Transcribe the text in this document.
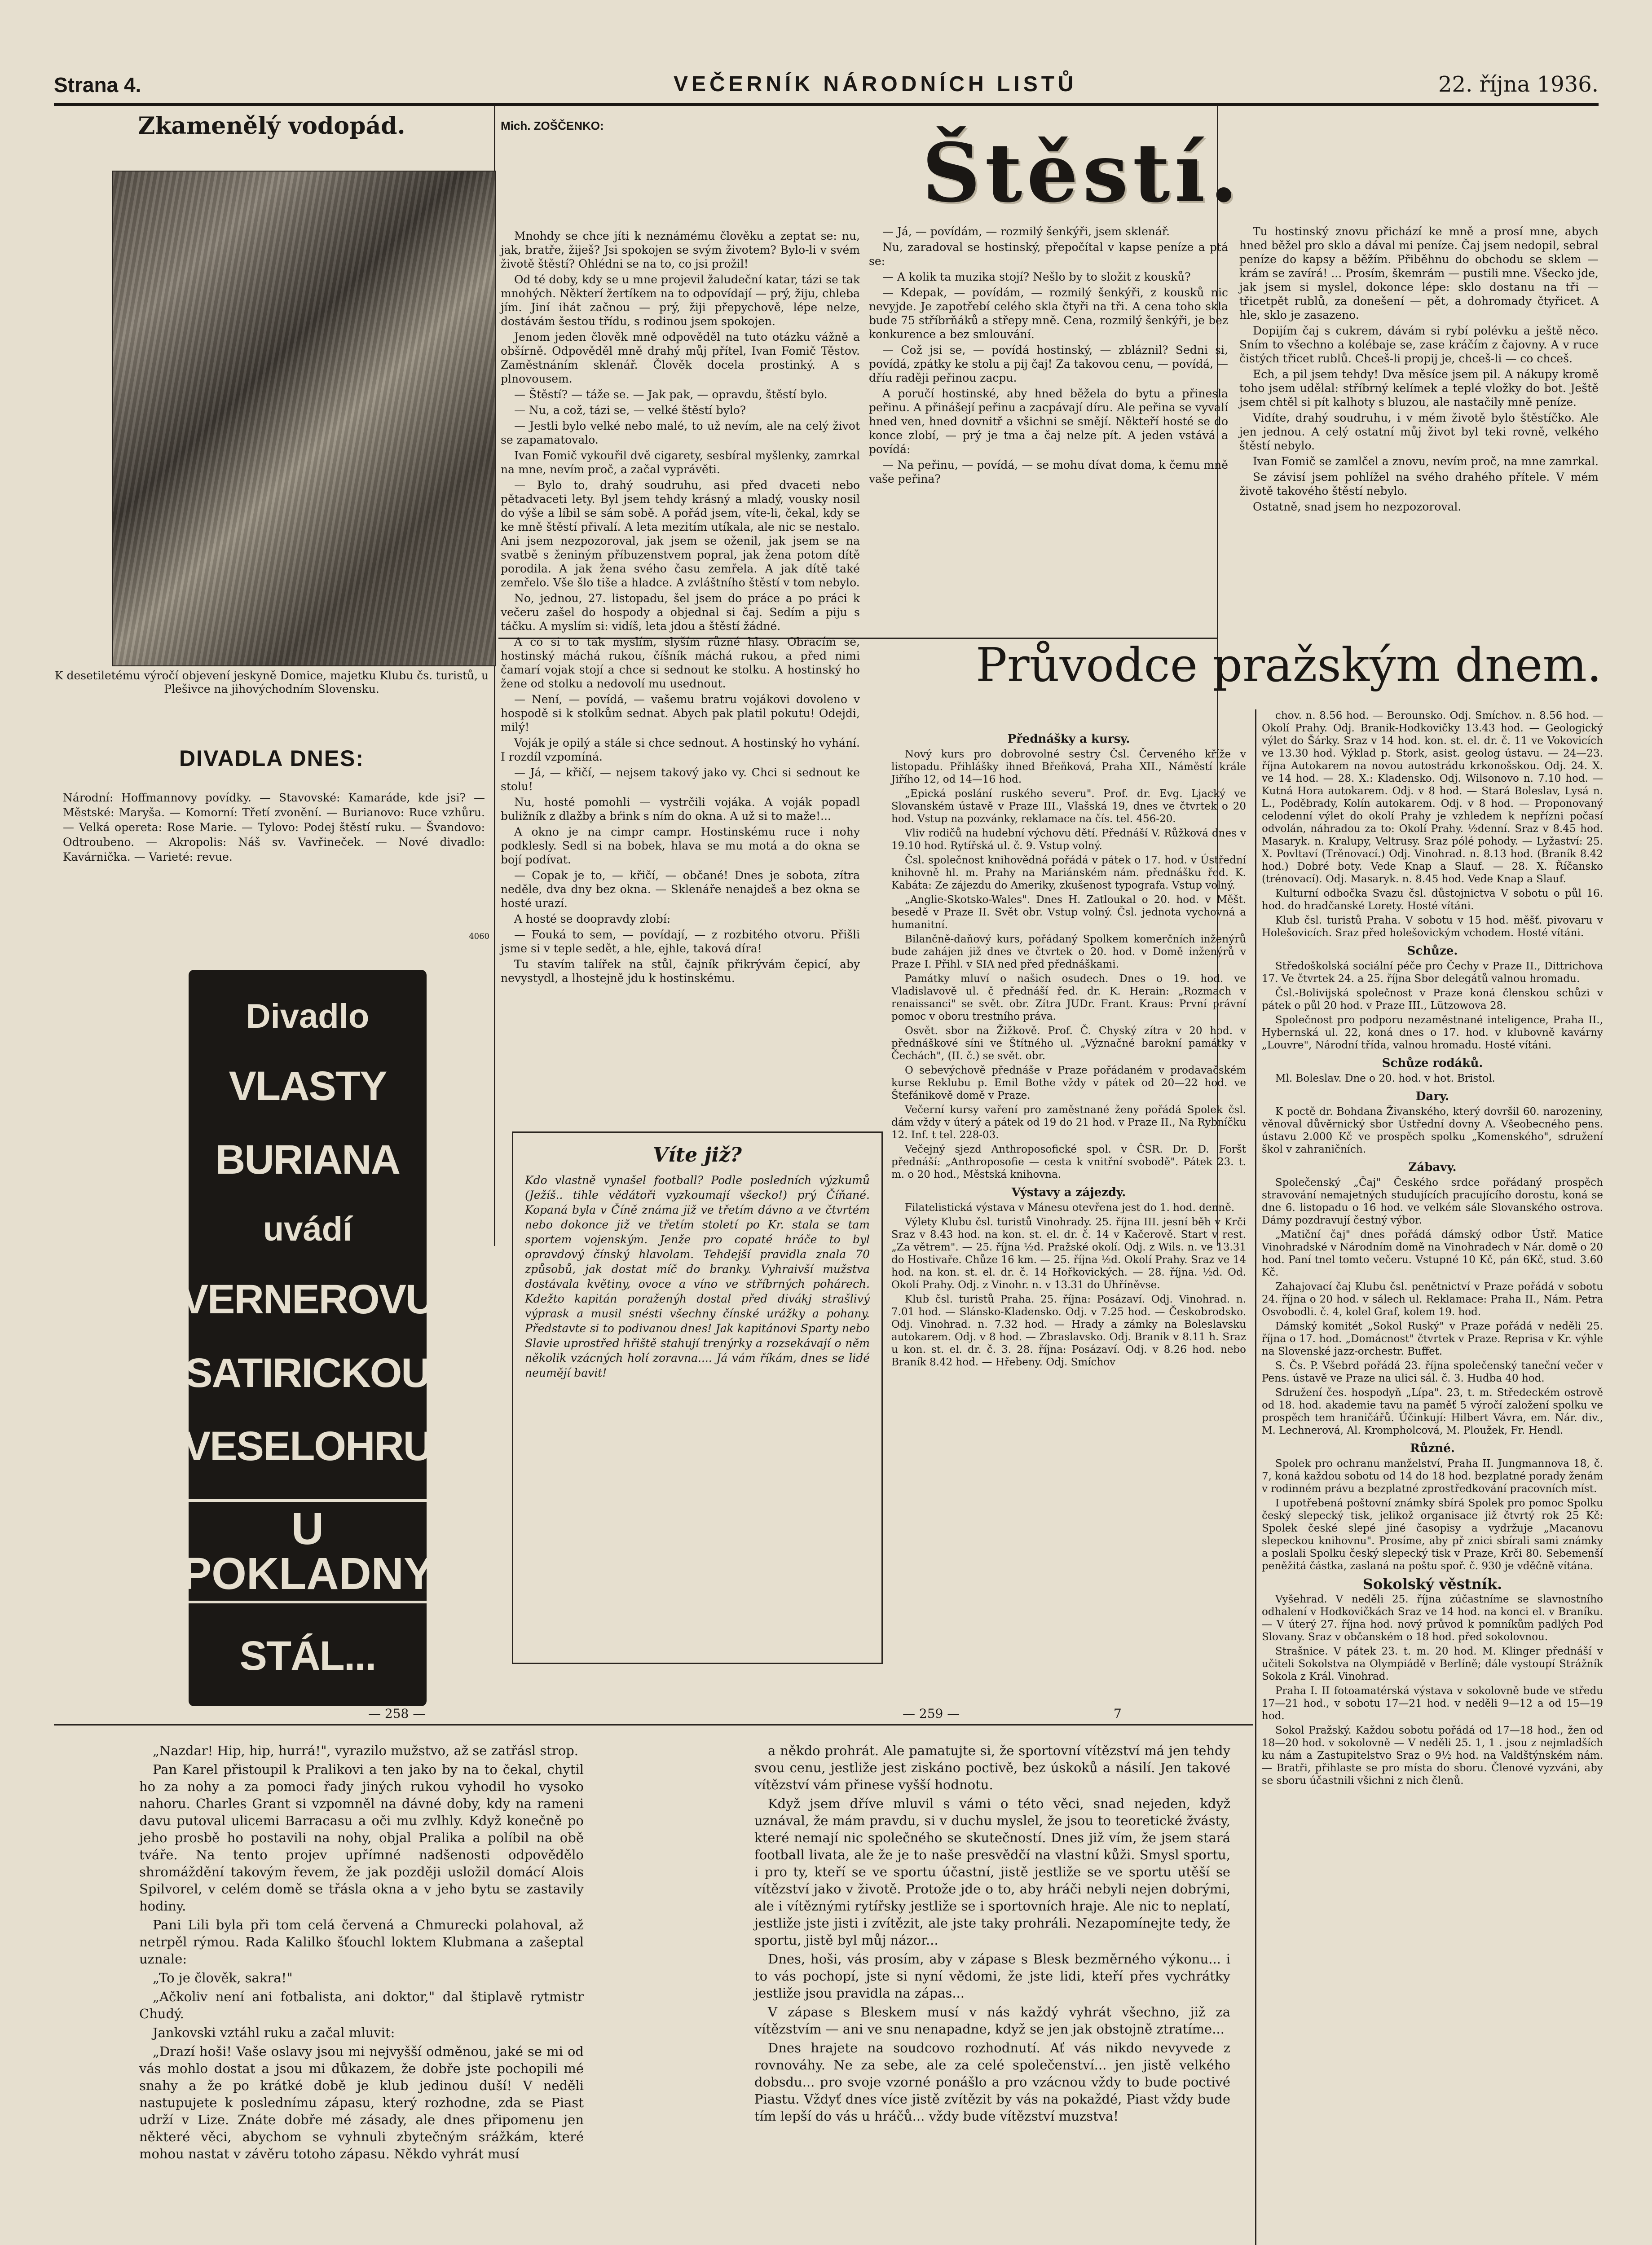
Strana 4.	VEČERNÍK NÁRODNÍCH LISTŮ	22. října 1936.
Zkamenělý vodopád.
K desetiletému výročí objevení jeskyně Domice, majetku Klubu čs. turistů, u Plešivce na jihovýchodním Slovensku.
DIVADLA DNES:
Národní: Hoffmannovy povídky. — Stavovské: Kamaráde, kde jsi? — Městské: Maryša. — Komorní: Třetí zvonění. — Burianovo: Ruce vzhůru. — Velká opereta: Rose Marie. — Tylovo: Podej štěstí ruku. — Švandovo: Odtroubeno. — Akropolis: Náš sv. Vavřineček. — Nové divadlo: Kavárnička. — Varieté: revue.
4060
Divadlo
VLASTY
BURIANA
uvádí
VERNEROVU
SATIRICKOU
VESELOHRU
U POKLADNY
STÁL...
Mich. ZOŠČENKO:	Štěstí.

Mnohdy se chce jíti k neznámému člověku a zeptat se: nu, jak, bratře, žiješ? Jsi spokojen se svým životem? Bylo-li v svém životě štěstí? Ohlédni se na to, co jsi prožil!

Od té doby, kdy se u mne projevil žaludeční katar, tázi se tak mnohých. Některí žertíkem na to odpovídají — prý, žiju, chleba jím. Jiní ihát začnou — prý, žiji přepychově, lépe nelze, dostávám šestou třídu, s rodinou jsem spokojen.

Jenom jeden člověk mně odpověděl na tuto otázku vážně a obšírně. Odpověděl mně drahý můj přítel, Ivan Fomič Těstov. Zaměstnáním sklenář. Člověk docela prostinký. A s plnovousem.

— Štěstí? — táže se. — Jak pak, — opravdu, štěstí bylo.

— Nu, a což, tázi se, — velké štěstí bylo?

— Jestli bylo velké nebo malé, to už nevím, ale na celý život se zapamatovalo.

Ivan Fomič vykouřil dvě cigarety, sesbíral myšlenky, zamrkal na mne, nevím proč, a začal vyprávěti.

— Bylo to, drahý soudruhu, asi před dvaceti nebo pětadvaceti lety. Byl jsem tehdy krásný a mladý, vousky nosil do výše a líbil se sám sobě. A pořád jsem, víte-li, čekal, kdy se ke mně štěstí přivalí. A leta mezitím utíkala, ale nic se nestalo. Ani jsem nezpozoroval, jak jsem se oženil, jak jsem se na svatbě s ženiným příbuzenstvem popral, jak žena potom dítě porodila. A jak žena svého času zemřela. A jak dítě také zemřelo. Vše šlo tiše a hladce. A zvláštního štěstí v tom nebylo.

No, jednou, 27. listopadu, šel jsem do práce a po práci k večeru zašel do hospody a objednal si čaj. Sedím a piju s táčku. A myslím si: vidíš, leta jdou a štěstí žádné.

A co si to tak myslím, slyším různé hlasy. Obracím se, hostinský máchá rukou, číšník máchá rukou, a před nimi čamarí vojak stojí a chce si sednout ke stolku. A hostinský ho žene od stolku a nedovolí mu usednout.

— Není, — povídá, — vašemu bratru vojákovi dovoleno v hospodě si k stolkům sednat. Abych pak platil pokutu! Odejdi, milý!

Voják je opilý a stále si chce sednout. A hostinský ho vyhání. I rozdíl vzpomíná.

— Já, — křičí, — nejsem takový jako vy. Chci si sednout ke stolu!

Nu, hosté pomohli — vystrčili vojáka. A voják popadl buližník z dlažby a bŕink s ním do okna. A už si to maže!...

A okno je na cimpr campr. Hostinskému ruce i nohy podklesly. Sedl si na bobek, hlava se mu motá a do okna se bojí podívat.

— Copak je to, — křičí, — občané! Dnes je sobota, zítra neděle, dva dny bez okna. — Sklenáře nenajdeš a bez okna se hosté urazí.

A hosté se doopravdy zlobí:

— Fouká to sem, — povídají, — z rozbitého otvoru. Přišli jsme si v teple sedět, a hle, ejhle, taková díra!

Tu stavím talířek na stůl, čajník přikrývám čepicí, aby nevystydl, a lhostejně jdu k hostinskému.

— Já, — povídám, — rozmilý šenkýři, jsem sklenář.

Nu, zaradoval se hostinský, přepočítal v kapse peníze a ptá se:

— A kolik ta muzika stojí? Nešlo by to složit z kousků?

— Kdepak, — povídám, — rozmilý šenkýři, z kousků nic nevyjde. Je zapotřebí celého skla čtyři na tři. A cena toho skla bude 75 stříbrňáků a střepy mně. Cena, rozmilý šenkýři, je bez konkurence a bez smlouvání.

— Což jsi se, — povídá hostinský, — zbláznil? Sedni si, povídá, zpátky ke stolu a pij čaj! Za takovou cenu, — povídá, — dříu raději peřinou zacpu.

A poručí hostinské, aby hned běžela do bytu a přinesla peřinu. A přinášejí peřinu a zacpávají díru. Ale peřina se vyvalí hned ven, hned dovnitř a všichni se smějí. Někteří hosté se do konce zlobí, — prý je tma a čaj nelze pít. A jeden vstává a povídá:

— Na peřinu, — povídá, — se mohu dívat doma, k čemu mně vaše peřina?

Tu hostinský znovu přichází ke mně a prosí mne, abych hned běžel pro sklo a dával mi peníze. Čaj jsem nedopil, sebral peníze do kapsy a běžím. Přiběhnu do obchodu se sklem — krám se zavírá! ... Prosím, škemrám — pustili mne. Všecko jde, jak jsem si myslel, dokonce lépe: sklo dostanu na tři — třicetpět rublů, za donešení — pět, a dohromady čtyřicet. A hle, sklo je zasazeno.

Dopijím čaj s cukrem, dávám si rybí polévku a ještě něco. Sním to všechno a kolébaje se, zase kráčím z čajovny. A v ruce čistých třicet rublů. Chceš-li propij je, chceš-li — co chceš.

Ech, a pil jsem tehdy! Dva měsíce jsem pil. A nákupy kromě toho jsem udělal: stříbrný kelímek a teplé vložky do bot. Ještě jsem chtěl si pít kalhoty s bluzou, ale nastačily mně peníze.

Vidíte, drahý soudruhu, i v mém životě bylo štěstíčko. Ale jen jednou. A celý ostatní můj život byl teki rovně, velkého štěstí nebylo.

Ivan Fomič se zamlčel a znovu, nevím proč, na mne zamrkal.

Se závisí jsem pohlížel na svého drahého přítele. V mém životě takového štěstí nebylo.

Ostatně, snad jsem ho nezpozoroval.

Víte již?
Kdo vlastně vynašel football? Podle posledních výzkumů (Ježíš.. tihle vědátoři vyzkoumají všecko!) prý Číňané. Kopaná byla v Číně známa již ve třetím dávno a ve čtvrtém nebo dokonce již ve třetím století po Kr. stala se tam sportem vojenským. Jenže pro copaté hráče to byl opravdový čínský hlavolam. Tehdejší pravidla znala 70 způsobů, jak dostat míč do branky. Vyhraivší mužstva dostávala květiny, ovoce a víno ve stříbrných pohárech. Kdežto kapitán poraženýh dostal před divákj strašlivý výprask a musil snésti všechny čínské urážky a pohany. Představte si to podivanou dnes! Jak kapitánovi Sparty nebo Slavie uprostřed hřiště stahují trenýrky a rozsekávají o něm několik vzácných holí zoravna.... Já vám říkám, dnes se lidé neumějí bavit!
Průvodce pražským dnem.
Přednášky a kursy.

Nový kurs pro dobrovolné sestry Čsl. Červeného kříže v listopadu. Přihlášky ihned Břeňková, Praha XII., Náměstí krále Jiřího 12, od 14—16 hod.

„Epická poslání ruského severu". Prof. dr. Evg. Ljacký ve Slovanském ústavě v Praze III., Vlašská 19, dnes ve čtvrtek o 20 hod. Vstup na pozvánky, reklamace na čís. tel. 456-20.

Vliv rodičů na hudební výchovu dětí. Přednáší V. Růžková dnes v 19.10 hod. Rytířská ul. č. 9. Vstup volný.

Čsl. společnost knihovědná pořádá v pátek o 17. hod. v Ústřední knihovně hl. m. Prahy na Mariánském nám. přednášku řed. K. Kabáta: Ze zájezdu do Ameriky, zkušenost typografa. Vstup volný.

„Anglie-Skotsko-Wales". Dnes H. Zatloukal o 20. hod. v Měšt. besedě v Praze II. Svět obr. Vstup volný. Čsl. jednota vychovná a humanitní.

Bilančně-daňový kurs, pořádaný Spolkem komerčních inženýrů bude zahájen již dnes ve čtvrtek o 20. hod. v Domě inženýrů v Praze I. Přihl. v SIA ned před přednáškami.

Památky mluví o našich osudech. Dnes o 19. hod. ve Vladislavově ul. č přednáší řed. dr. K. Herain: „Rozmach v renaissanci" se svět. obr. Zítra JUDr. Frant. Kraus: První právní pomoc v oboru trestního práva.

Osvět. sbor na Žižkově. Prof. Č. Chyský zítra v 20 hod. v přednáškové síni ve Štítného ul. „Význačné barokní památky v Čechách", (II. č.) se svět. obr.

O sebevýchově přednáše v Praze pořádaném v prodavačském kurse Reklubu p. Emil Bothe vždy v pátek od 20—22 hod. ve Štefánikově domě v Praze.

Večerní kursy vaření pro zaměstnané ženy pořádá Spolek čsl. dám vždy v úterý a pátek od 19 do 21 hod. v Praze II., Na Rybníčku 12. Inf. t tel. 228-03.

Večejný sjezd Anthroposofické spol. v ČSR. Dr. D. Foršt přednáší: „Anthroposofie — cesta k vnitřní svobodě". Pátek 23. t. m. o 20 hod., Městská knihovna.

Výstavy a zájezdy.

Filatelistická výstava v Mánesu otevřena jest do 1. hod. denně.

Výlety Klubu čsl. turistů Vinohrady. 25. října III. jesní běh v Krči Sraz v 8.43 hod. na kon. st. el. dr. č. 14 v Kačerově. Start v rest. „Za větrem". — 25. října ½d. Pražské okolí. Odj. z Wils. n. ve 13.31 do Hostivaře. Chůze 16 km. — 25. října ½d. Okolí Prahy. Sraz ve 14 hod. na kon. st. el. dr. č. 14 Hořkovických. — 28. října. ½d. Od. Okolí Prahy. Odj. z Vinohr. n. v 13.31 do Uhříněvse.

Klub čsl. turistů Praha. 25. října: Posázaví. Odj. Vinohrad. n. 7.01 hod. — Slánsko-Kladensko. Odj. v 7.25 hod. — Českobrodsko. Odj. Vinohrad. n. 7.32 hod. — Hrady a zámky na Boleslavsku autokarem. Odj. v 8 hod. — Zbraslavsko. Odj. Branik v 8.11 h. Sraz u kon. st. el. dr. č. 3. 28. října: Posázaví. Odj. v 8.26 hod. nebo Braník 8.42 hod. — Hřebeny. Odj. Smíchov

chov. n. 8.56 hod. — Berounsko. Odj. Smíchov. n. 8.56 hod. — Okolí Prahy. Odj. Branik-Hodkovičky 13.43 hod. — Geologický výlet do Šárky. Sraz v 14 hod. kon. st. el. dr. č. 11 ve Vokovicích ve 13.30 hod. Výklad p. Stork, asist. geolog ústavu. — 24—23. října Autokarem na novou autostrádu krkonošskou. Odj. 24. X. ve 14 hod. — 28. X.: Kladensko. Odj. Wilsonovo n. 7.10 hod. — Kutná Hora autokarem. Odj. v 8 hod. — Stará Boleslav, Lysá n. L., Poděbrady, Kolín autokarem. Odj. v 8 hod. — Proponovaný celodenní výlet do okolí Prahy je vzhledem k nepřízni počasí odvolán, náhradou za to: Okolí Prahy. ½denní. Sraz v 8.45 hod. Masaryk. n. Kralupy, Veltrusy. Sraz pólé pohody. — Lyžaství: 25. X. Povltaví (Trěnovací.) Odj. Vinohrad. n. 8.13 hod. (Braník 8.42 hod.) Dobré boty. Vede Knap a Slauf. — 28. X. Říčansko (trénovací). Odj. Masaryk. n. 8.45 hod. Vede Knap a Slauf.

Kulturní odbočka Svazu čsl. důstojnictva V sobotu o půl 16. hod. do hradčanské Lorety. Hosté vítáni.

Klub čsl. turistů Praha. V sobotu v 15 hod. měšť. pivovaru v Holešovicích. Sraz před holešovickým vchodem. Hosté vítáni.

Schůze.

Středoškolská sociální péče pro Čechy v Praze II., Dittrichova 17. Ve čtvrtek 24. a 25. října Sbor delegátů valnou hromadu.

Čsl.-Bolivijská společnost v Praze koná členskou schůzi v pátek o půl 20 hod. v Praze III., Lützowova 28.

Společnost pro podporu nezaměstnané inteligence, Praha II., Hybernská ul. 22, koná dnes o 17. hod. v klubovně kavárny „Louvre", Národní třída, valnou hromadu. Hosté vítáni.

Schůze rodáků.

Ml. Boleslav. Dne o 20. hod. v hot. Bristol.

Dary.

K poctě dr. Bohdana Živanského, který dovršil 60. narozeniny, věnoval důvěrnický sbor Ústřední dovny A. Všeobecného pens. ústavu 2.000 Kč ve prospěch spolku „Komenského", sdružení škol v zahraničních.

Zábavy.

Společenský „Čaj" Českého srdce pořádaný prospěch stravování nemajetných studujících pracujícího dorostu, koná se dne 6. listopadu o 16 hod. ve velkém sále Slovanského ostrova. Dámy pozdravují čestný výbor.

„Matiční čaj" dnes pořádá dámský odbor Ústř. Matice Vinohradské v Národním domě na Vinohradech v Nár. domě o 20 hod. Paní tnel tomto večeru. Vstupné 10 Kč, pán 6Kč, stud. 3.60 Kč.

Zahajovací čaj Klubu čsl. penětnictví v Praze pořádá v sobotu 24. října o 20 hod. v sálech ul. Reklamace: Praha II., Nám. Petra Osvobodli. č. 4, kolel Graf, kolem 19. hod.

Dámský komitét „Sokol Ruský" v Praze pořádá v neděli 25. října o 17. hod. „Domácnost" čtvrtek v Praze. Reprisa v Kr. výhle na Slovenské jazz-orchestr. Buffet.

S. Čs. P. Všebrd pořádá 23. října společenský taneční večer v Pens. ústavě ve Praze na ulici sál. č. 3. Hudba 40 hod.

Sdružení čes. hospodyň „Lípa". 23, t. m. Středeckém ostrově od 18. hod. akademie tavu na paměť 5 výročí založení spolku ve prospěch tem hraničářů. Účinkují: Hilbert Vávra, em. Nár. div., M. Lechnerová, Al. Krompholcová, M. Ploužek, Fr. Hendl.

Různé.

Spolek pro ochranu manželství, Praha II. Jungmannova 18, č. 7, koná každou sobotu od 14 do 18 hod. bezplatné porady ženám v rodinném právu a bezplatné zprostředkování pracovních míst.

I upotřebená poštovní známky sbírá Spolek pro pomoc Spolku český slepecký tisk, jelikož organisace již čtvrtý rok 25 Kč: Spolek české slepé jiné časopisy a vydržuje „Macanovu slepeckou knihovnu". Prosíme, aby př znici sbírali sami známky a poslali Spolku český slepecký tisk v Praze, Krči 80. Sebemenší peněžitá částka, zaslaná na poštu spoř. č. 930 je vděčně vítána.

Sokolský věstník.

Vyšehrad. V neděli 25. října zúčastníme se slavnostního odhalení v Hodkovičkách Sraz ve 14 hod. na konci el. v Braníku. — V úterý 27. října hod. nový průvod k pomníkům padlých Pod Slovany. Sraz v občanském o 18 hod. před sokolovnou.

Strašnice. V pátek 23. t. m. 20 hod. M. Klinger přednáší v učiteli Sokolstva na Olympiádě v Berlíně; dále vystoupí Strážník Sokola z Král. Vinohrad.

Praha I. II fotoamatérská výstava v sokolovně bude ve středu 17—21 hod., v sobotu 17—21 hod. v neděli 9—12 a od 15—19 hod.

Sokol Pražský. Každou sobotu pořádá od 17—18 hod., žen od 18—20 hod. v sokolovně — V neděli 25. 1, 1 . jsou z nejmladších ku nám a Zastupitelstvo Sraz o 9½ hod. na Valdštýnském nám. — Bratři, přihlaste se pro místa do sboru. Členové vyzváni, aby se sboru účastnili všichni z nich členů.

— 258 —	— 259 —	7

„Nazdar! Hip, hip, hurrá!", vyrazilo mužstvo, až se zatřásl strop.

Pan Karel přistoupil k Pralikovi a ten jako by na to čekal, chytil ho za nohy a za pomoci řady jiných rukou vyhodil ho vysoko nahoru. Charles Grant si vzpomněl na dávné doby, kdy na rameni davu putoval ulicemi Barracasu a oči mu zvlhly. Když konečně po jeho prosbě ho postavili na nohy, objal Pralika a políbil na obě tváře. Na tento projev upřímné nadšenosti odpovědělo shromáždění takovým řevem, že jak později usložil domácí Alois Spilvorel, v celém domě se třásla okna a v jeho bytu se zastavily hodiny.

Pani Lili byla při tom celá červená a Chmurecki polahoval, až netrpěl rýmou. Rada Kalilko šťouchl loktem Klubmana a zašeptal uznale:

„To je člověk, sakra!"

„Ačkoliv není ani fotbalista, ani doktor," dal štiplavě rytmistr Chudý.

Jankovski vztáhl ruku a začal mluvit:

„Drazí hoši! Vaše oslavy jsou mi nejvyšší odměnou, jaké se mi od vás mohlo dostat a jsou mi důkazem, že dobře jste pochopili mé snahy a že po krátké době je klub jedinou duší! V neděli nastupujete k poslednímu zápasu, který rozhodne, zda se Piast udrží v Lize. Znáte dobře mé zásady, ale dnes připomenu jen některé věci, abychom se vyhnuli zbytečným srážkám, které mohou nastat v závěru totoho zápasu. Někdo vyhrát musí

a někdo prohrát. Ale pamatujte si, že sportovní vítězství má jen tehdy svou cenu, jestliže jest ziskáno poctivě, bez úskoků a násilí. Jen takové vítězství vám přinese vyšší hodnotu.

Když jsem dříve mluvil s vámi o této věci, snad nejeden, když uznával, že mám pravdu, si v duchu myslel, že jsou to teoretické žvásty, které nemají nic společného se skutečností. Dnes již vím, že jsem stará football livata, ale že je to naše presvědčí na vlastní kůži. Smysl sportu, i pro ty, kteří se ve sportu účastní, jistě jestliže se ve sportu utěší se vítězství jako v životě. Protože jde o to, aby hráči nebyli nejen dobrými, ale i vítěznými rytířsky jestliže se i sportovních hraje. Ale nic to neplatí, jestliže jste jisti i zvítězit, ale jste taky prohráli. Nezapomínejte tedy, že sportu, jistě byl můj názor...

Dnes, hoši, vás prosím, aby v zápase s Blesk bezměrného výkonu... i to vás pochopí, jste si nyní vědomi, že jste lidi, kteří přes vychrátky jestliže jsou pravidla na zápas...

V zápase s Bleskem musí v nás každý vyhrát všechno, již za vítězstvím — ani ve snu nenapadne, když se jen jak obstojně ztratíme...

Dnes hrajete na soudcovo rozhodnutí. Ať vás nikdo nevyvede z rovnováhy. Ne za sebe, ale za celé společenství... jen jistě velkého dobsdu... pro svoje vzorné ponášlo a pro vzácnou vždy to bude poctivé Piastu. Vždyť dnes více jistě zvítězit by vás na pokaždé, Piast vždy bude tím lepší do vás u hráčů... vždy bude vítězství muzstva!
